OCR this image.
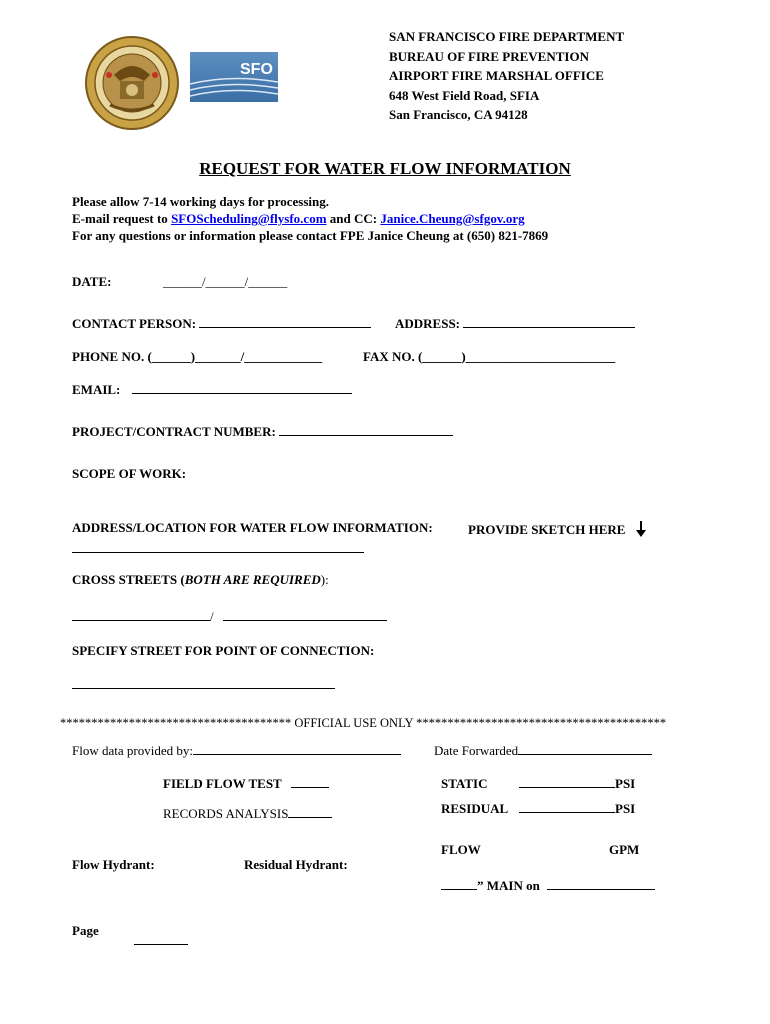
SFO
SAN FRANCISCO FIRE DEPARTMENT
BUREAU OF FIRE PREVENTION
AIRPORT FIRE MARSHAL OFFICE
648 West Field Road, SFIA
San Francisco, CA 94128
REQUEST FOR WATER FLOW INFORMATION
Please allow 7-14 working days for processing.
E-mail request to SFOScheduling@flysfo.com and CC: Janice.Cheung@sfgov.org
For any questions or information please contact FPE Janice Cheung at (650) 821-7869
DATE:	______/______/______
CONTACT PERSON:	ADDRESS:
PHONE NO. (______)_______/____________	FAX NO. (______)_______________________
EMAIL:
PROJECT/CONTRACT NUMBER:
SCOPE OF WORK:
ADDRESS/LOCATION FOR WATER FLOW INFORMATION:	PROVIDE SKETCH HERE
CROSS STREETS (BOTH ARE REQUIRED):
/
SPECIFY STREET FOR POINT OF CONNECTION:
************************************* OFFICIAL USE ONLY ****************************************
Flow data provided by:	Date Forwarded
FIELD FLOW TEST	STATIC	PSI
RECORDS ANALYSIS	RESIDUAL	PSI
FLOW	GPM
Flow Hydrant:	Residual Hydrant:
” MAIN on
Page
